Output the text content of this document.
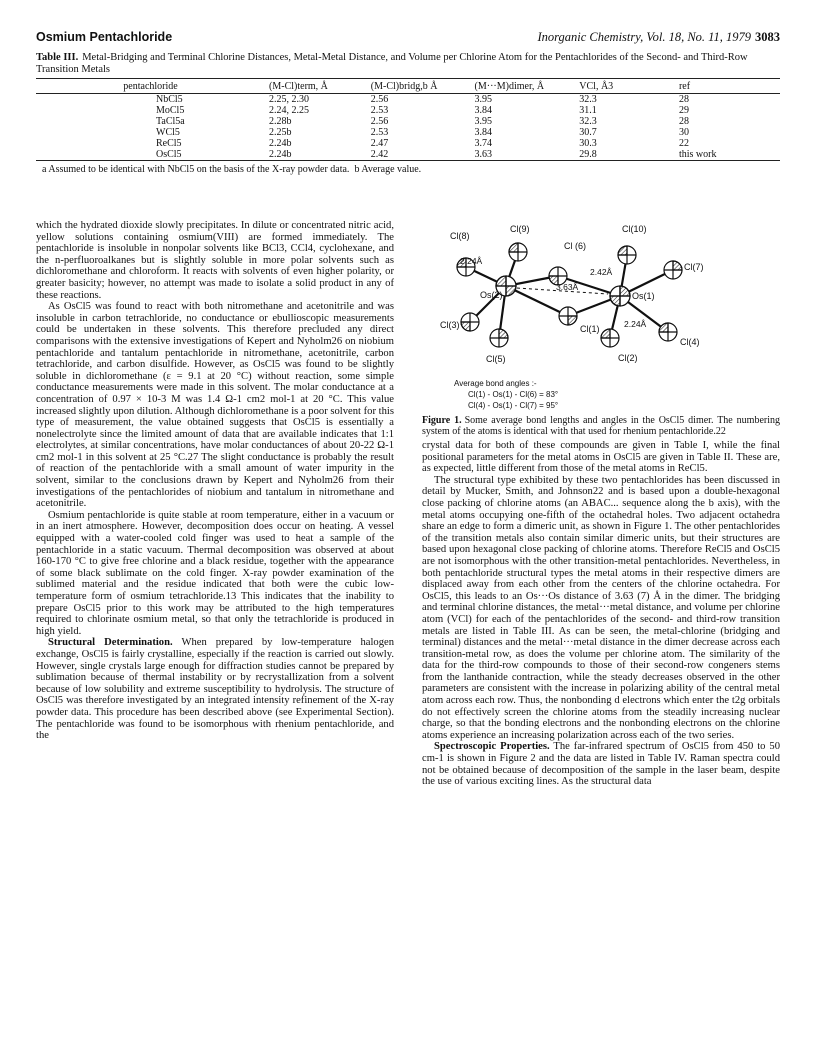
Osmium Pentachloride	Inorganic Chemistry, Vol. 18, No. 11, 1979 3083
Table III. Metal-Bridging and Terminal Chlorine Distances, Metal-Metal Distance, and Volume per Chlorine Atom for the Pentachlorides of the Second- and Third-Row Transition Metals
pentachloride	(M-Cl)term, Å	(M-Cl)bridg,b Å	(M···M)dimer, Å	VCl, Å3	ref
NbCl5	2.25, 2.30	2.56	3.95	32.3	28
MoCl5	2.24, 2.25	2.53	3.84	31.1	29
TaCl5a	2.28b	2.56	3.95	32.3	28
WCl5	2.25b	2.53	3.84	30.7	30
ReCl5	2.24b	2.47	3.74	30.3	22
OsCl5	2.24b	2.42	3.63	29.8	this work
a Assumed to be identical with NbCl5 on the basis of the X-ray powder data. b Average value.

which the hydrated dioxide slowly precipitates. In dilute or concentrated nitric acid, yellow solutions containing osmium(VIII) are formed immediately. The pentachloride is insoluble in nonpolar solvents like BCl3, CCl4, cyclohexane, and the n-perfluoroalkanes but is slightly soluble in more polar solvents such as dichloromethane and chloroform. It reacts with solvents of even higher polarity, or greater basicity; however, no attempt was made to isolate a solid product in any of these reactions.

As OsCl5 was found to react with both nitromethane and acetonitrile and was insoluble in carbon tetrachloride, no conductance or ebullioscopic measurements could be undertaken in these solvents. This therefore precluded any direct comparisons with the extensive investigations of Kepert and Nyholm26 on niobium pentachloride and tantalum pentachloride in nitromethane, acetonitrile, carbon tetrachloride, and carbon disulfide. However, as OsCl5 was found to be slightly soluble in dichloromethane (ε = 9.1 at 20 °C) without reaction, some simple conductance measurements were made in this solvent. The molar conductance at a concentration of 0.97 × 10-3 M was 1.4 Ω-1 cm2 mol-1 at 20 °C. This value increased slightly upon dilution. Although dichloromethane is a poor solvent for this type of measurement, the value obtained suggests that OsCl5 is essentially a nonelectrolyte since the limited amount of data that are available indicates that 1:1 electrolytes, at similar concentrations, have molar conductances of about 20-22 Ω-1 cm2 mol-1 in this solvent at 25 °C.27 The slight conductance is probably the result of reaction of the pentachloride with a small amount of water impurity in the solvent, similar to the conclusions drawn by Kepert and Nyholm26 from their investigations of the pentachlorides of niobium and tantalum in nitromethane and acetonitrile.

Osmium pentachloride is quite stable at room temperature, either in a vacuum or in an inert atmosphere. However, decomposition does occur on heating. A vessel equipped with a water-cooled cold finger was used to heat a sample of the pentachloride in a static vacuum. Thermal decomposition was observed at about 160-170 °C to give free chlorine and a black residue, together with the appearance of some black sublimate on the cold finger. X-ray powder examination of the sublimed material and the residue indicated that both were the cubic low-temperature form of osmium tetrachloride.13 This indicates that the inability to prepare OsCl5 prior to this work may be attributed to the high temperatures required to chlorinate osmium metal, so that only the tetrachloride is produced in high yield.

Structural Determination. When prepared by low-temperature halogen exchange, OsCl5 is fairly crystalline, especially if the reaction is carried out slowly. However, single crystals large enough for diffraction studies cannot be prepared by sublimation because of thermal instability or by recrystallization from a solvent because of low solubility and extreme susceptibility to hydrolysis. The structure of OsCl5 was therefore investigated by an integrated intensity refinement of the X-ray powder data. This procedure has been described above (see Experimental Section). The pentachloride was found to be isomorphous with rhenium pentachloride, and the

Cl(8)
Cl(9)	Cl(10)
Cl (6)
Cl(7)
Os(2)	Os(1)
Cl(3)	Cl(1)
Cl(5)	Cl(2)
Cl(4)
2.24Å
2.42Å
3.63Å
2.24Å
Average bond angles :-
Cl(1) - Os(1) - Cl(6) = 83°
Cl(4) - Os(1) - Cl(7) = 95°
Figure 1. Some average bond lengths and angles in the OsCl5 dimer. The numbering system of the atoms is identical with that used for rhenium pentachloride.22

crystal data for both of these compounds are given in Table I, while the final positional parameters for the metal atoms in OsCl5 are given in Table II. These are, as expected, little different from those of the metal atoms in ReCl5.

The structural type exhibited by these two pentachlorides has been discussed in detail by Mucker, Smith, and Johnson22 and is based upon a double-hexagonal close packing of chlorine atoms (an ABAC... sequence along the b axis), with the metal atoms occupying one-fifth of the octahedral holes. Two adjacent octahedra share an edge to form a dimeric unit, as shown in Figure 1. The other pentachlorides of the transition metals also contain similar dimeric units, but their structures are based upon hexagonal close packing of chlorine atoms. Therefore ReCl5 and OsCl5 are not isomorphous with the other transition-metal pentachlorides. Nevertheless, in both pentachloride structural types the metal atoms in their respective dimers are displaced away from each other from the centers of the chlorine octahedra. For OsCl5, this leads to an Os···Os distance of 3.63 (7) Å in the dimer. The bridging and terminal chlorine distances, the metal···metal distance, and volume per chlorine atom (VCl) for each of the pentachlorides of the second- and third-row transition metals are listed in Table III. As can be seen, the metal-chlorine (bridging and terminal) distances and the metal···metal distance in the dimer decrease across each transition-metal row, as does the volume per chlorine atom. The similarity of the data for the third-row compounds to those of their second-row congeners stems from the lanthanide contraction, while the steady decreases observed in the other parameters are consistent with the increase in polarizing ability of the central metal atom across each row. Thus, the nonbonding d electrons which enter the t2g orbitals do not effectively screen the chlorine atoms from the steadily increasing nuclear charge, so that the bonding electrons and the nonbonding electrons on the chlorine atoms experience an increasing polarization across each of the two series.

Spectroscopic Properties. The far-infrared spectrum of OsCl5 from 450 to 50 cm-1 is shown in Figure 2 and the data are listed in Table IV. Raman spectra could not be obtained because of decomposition of the sample in the laser beam, despite the use of various exciting lines. As the structural data
